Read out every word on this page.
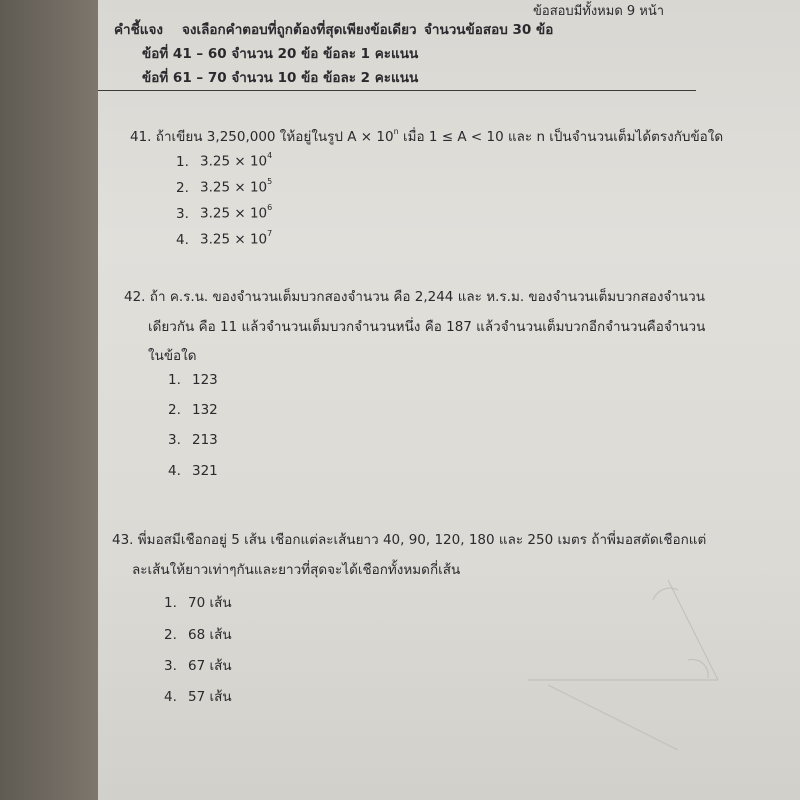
ข้อสอบมีทั้งหมด 9 หน้า
คำชี้แจง จงเลือกคำตอบที่ถูกต้องที่สุดเพียงข้อเดียว จำนวนข้อสอบ 30 ข้อ
ข้อที่ 41 – 60 จำนวน 20 ข้อ ข้อละ 1 คะแนน
ข้อที่ 61 – 70 จำนวน 10 ข้อ ข้อละ 2 คะแนน
41. ถ้าเขียน 3,250,000 ให้อยู่ในรูป $A \times 10^n$ เมื่อ 1 ≤ A < 10 และ n เป็นจำนวนเต็มได้ตรงกับข้อใด
1. $3.25 \times 10^4$
2. $3.25 \times 10^5$
3. $3.25 \times 10^6$
4. $3.25 \times 10^7$
42. ถ้า ค.ร.น. ของจำนวนเต็มบวกสองจำนวน คือ 2,244 และ ห.ร.ม. ของจำนวนเต็มบวกสองจำนวน
เดียวกัน คือ 11 แล้วจำนวนเต็มบวกจำนวนหนึ่ง คือ 187 แล้วจำนวนเต็มบวกอีกจำนวนคือจำนวน
ในข้อใด
1. 123
2. 132
3. 213
4. 321
43. พี่มอสมีเชือกอยู่ 5 เส้น เชือกแต่ละเส้นยาว 40, 90, 120, 180 และ 250 เมตร ถ้าพี่มอสตัดเชือกแต่
ละเส้นให้ยาวเท่าๆกันและยาวที่สุดจะได้เชือกทั้งหมดกี่เส้น
1. 70 เส้น
2. 68 เส้น
3. 67 เส้น
4. 57 เส้น
